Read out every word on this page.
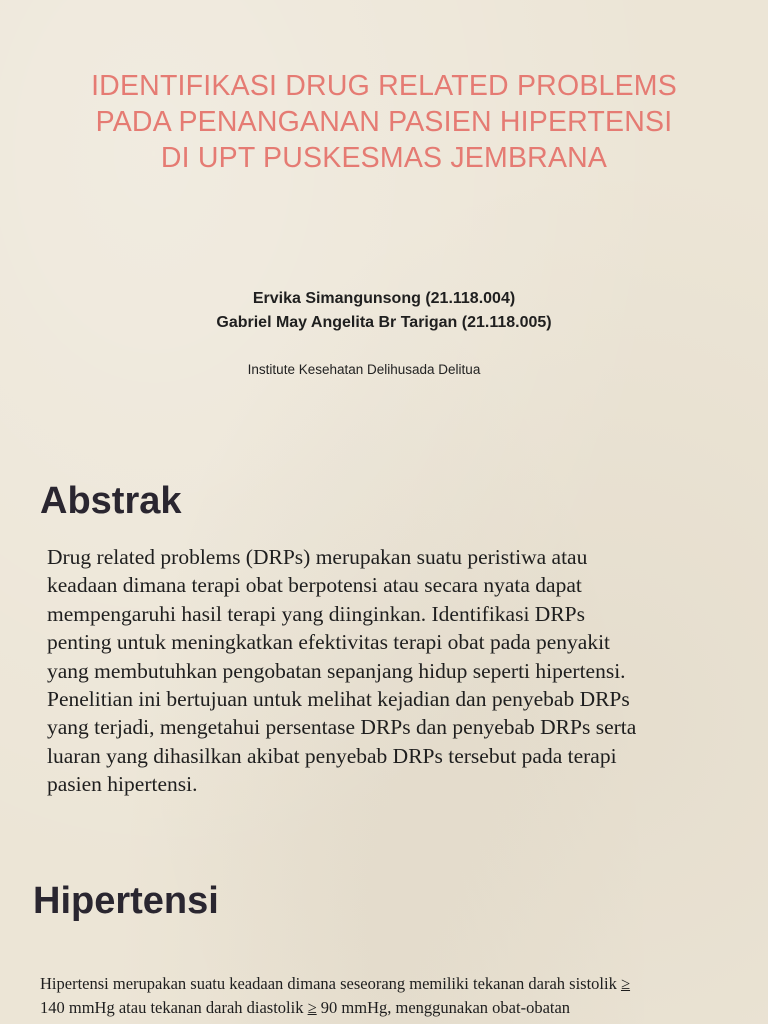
IDENTIFIKASI DRUG RELATED PROBLEMS
PADA PENANGANAN PASIEN HIPERTENSI
DI UPT PUSKESMAS JEMBRANA
Ervika Simangunsong (21.118.004)
Gabriel May Angelita Br Tarigan (21.118.005)
Institute Kesehatan Delihusada Delitua
Abstrak
Drug related problems (DRPs) merupakan suatu peristiwa atau
keadaan dimana terapi obat berpotensi atau secara nyata dapat
mempengaruhi hasil terapi yang diinginkan. Identifikasi DRPs
penting untuk meningkatkan efektivitas terapi obat pada penyakit
yang membutuhkan pengobatan sepanjang hidup seperti hipertensi.
Penelitian ini bertujuan untuk melihat kejadian dan penyebab DRPs
yang terjadi, mengetahui persentase DRPs dan penyebab DRPs serta
luaran yang dihasilkan akibat penyebab DRPs tersebut pada terapi
pasien hipertensi.
Hipertensi
Hipertensi merupakan suatu keadaan dimana seseorang memiliki tekanan darah sistolik ≥
140 mmHg atau tekanan darah diastolik ≥ 90 mmHg, menggunakan obat-obatan
